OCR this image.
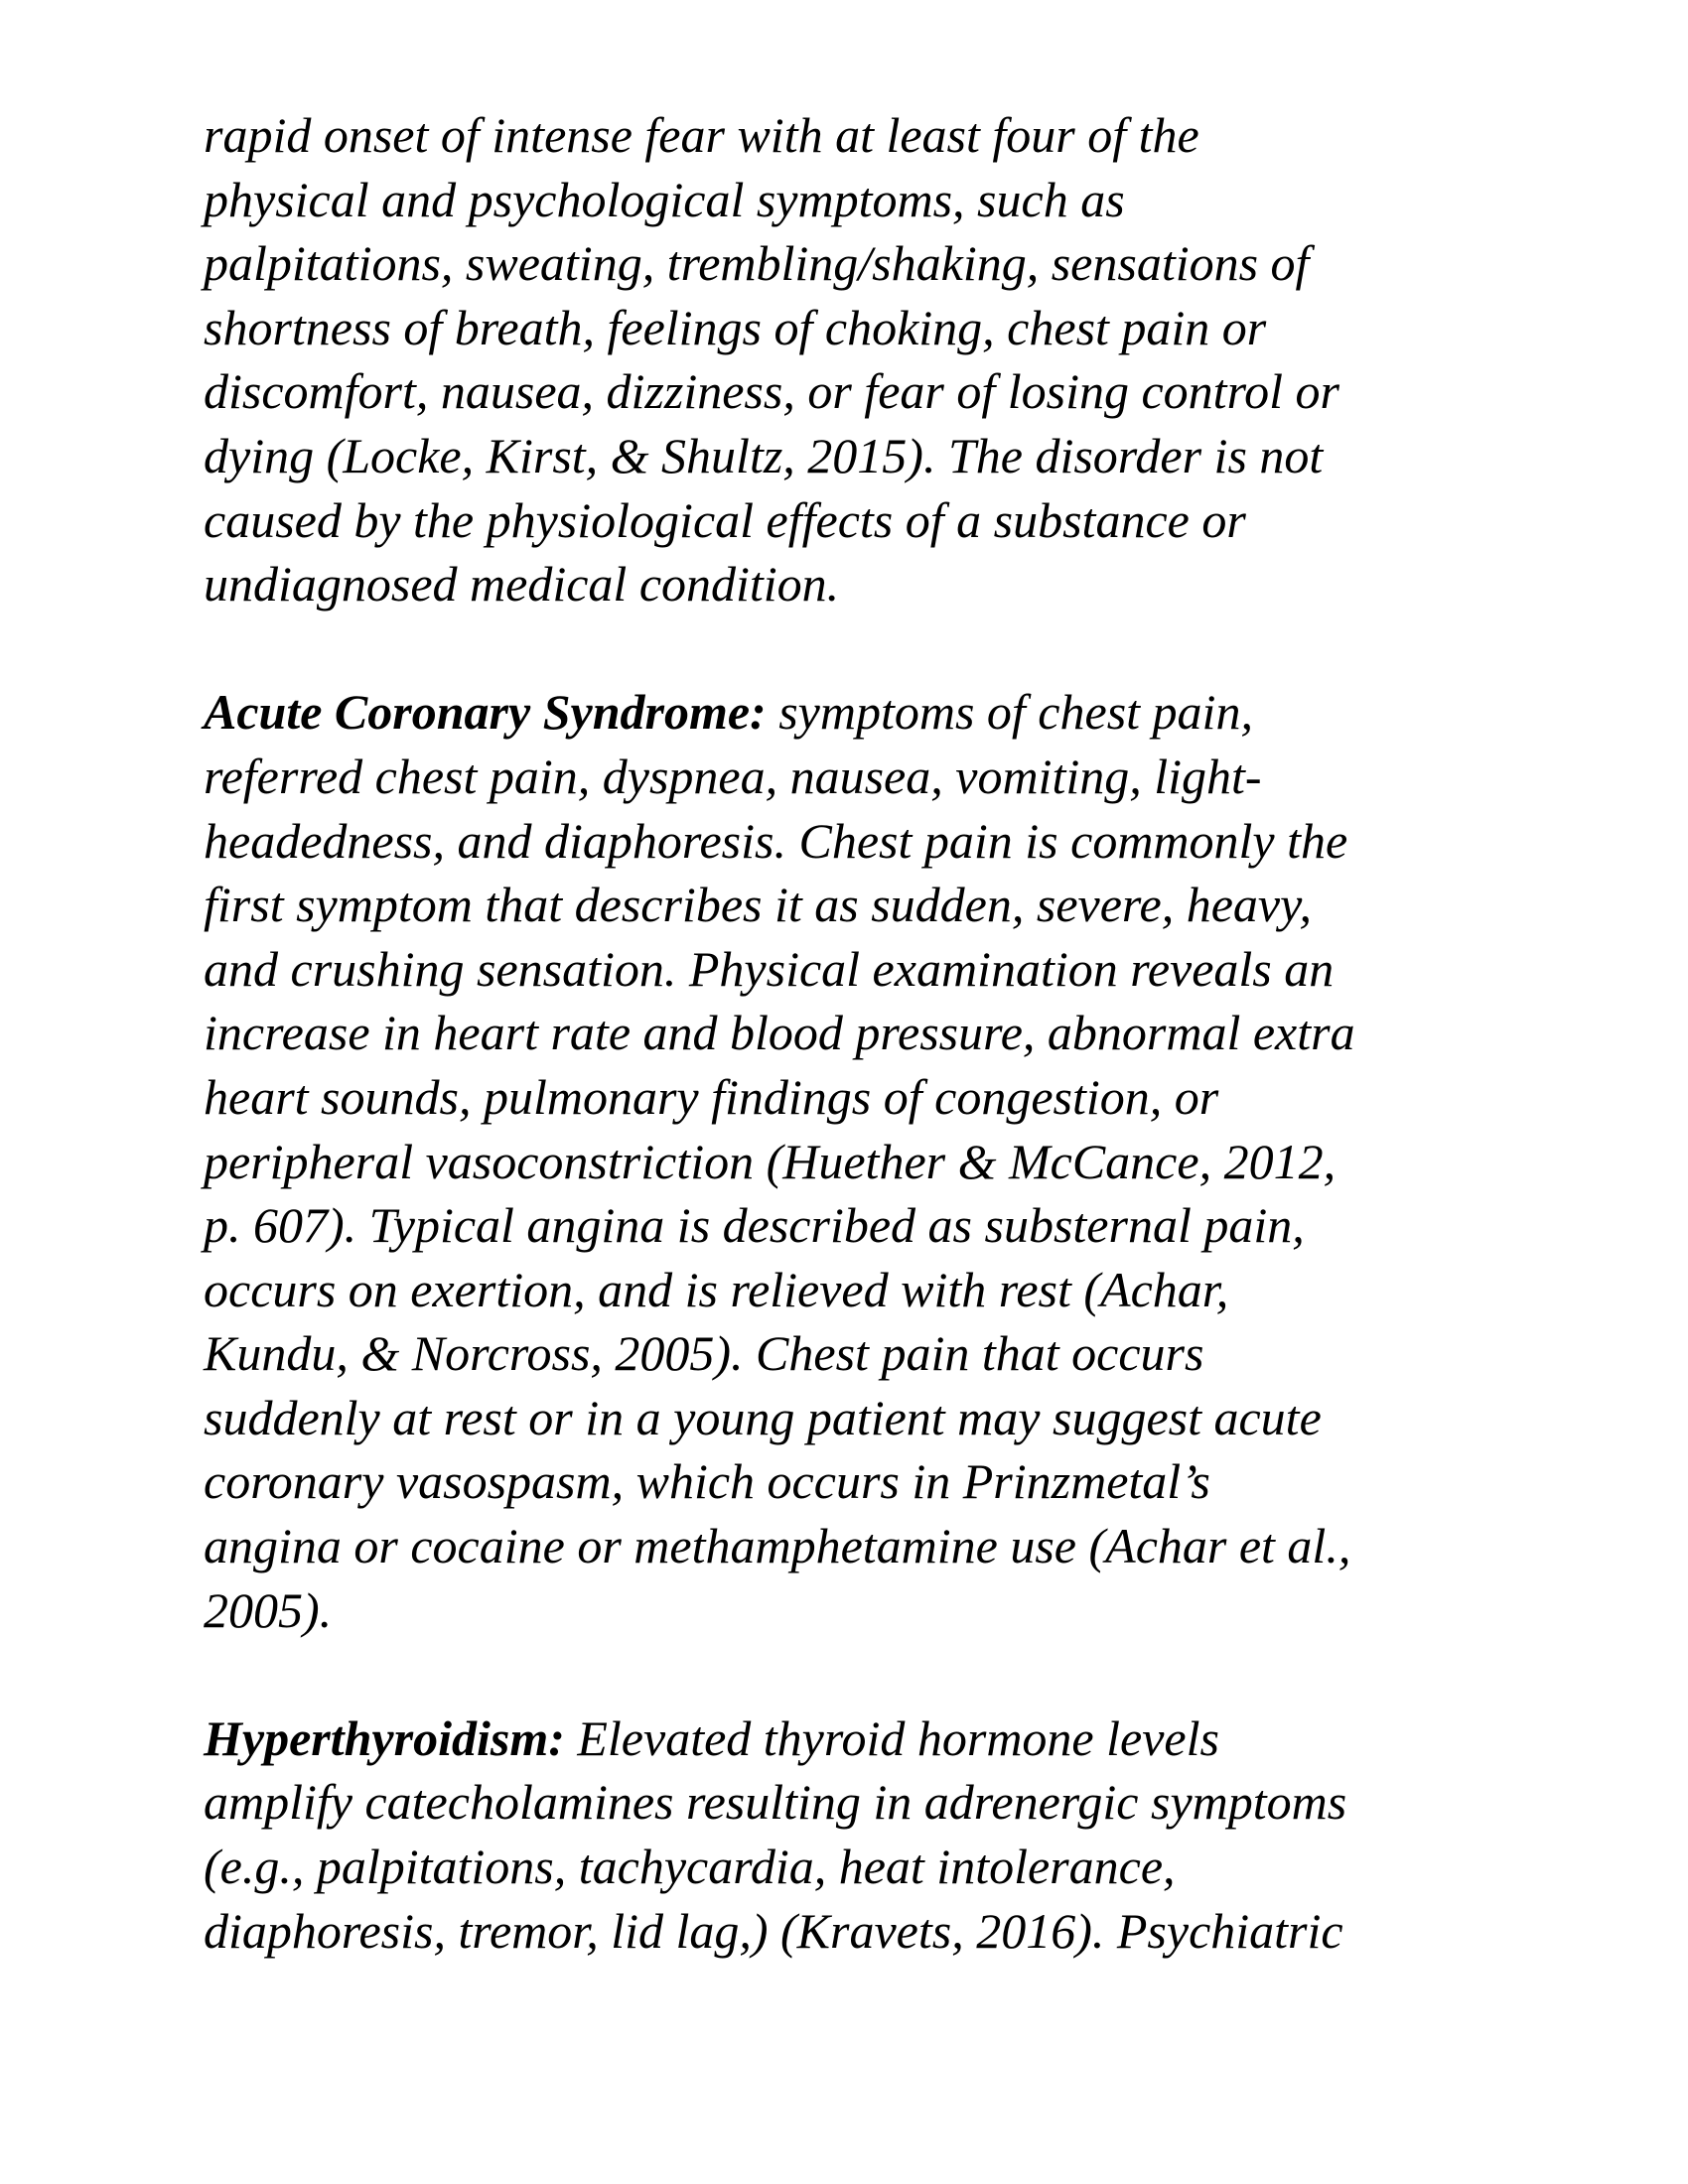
rapid onset of intense fear with at least four of the
physical and psychological symptoms, such as
palpitations, sweating, trembling/shaking, sensations of
shortness of breath, feelings of choking, chest pain or
discomfort, nausea, dizziness, or fear of losing control or
dying (Locke, Kirst, & Shultz, 2015). The disorder is not
caused by the physiological effects of a substance or
undiagnosed medical condition.
Acute Coronary Syndrome: symptoms of chest pain,
referred chest pain, dyspnea, nausea, vomiting, light-
headedness, and diaphoresis. Chest pain is commonly the
first symptom that describes it as sudden, severe, heavy,
and crushing sensation. Physical examination reveals an
increase in heart rate and blood pressure, abnormal extra
heart sounds, pulmonary findings of congestion, or
peripheral vasoconstriction (Huether & McCance, 2012,
p. 607). Typical angina is described as substernal pain,
occurs on exertion, and is relieved with rest (Achar,
Kundu, & Norcross, 2005). Chest pain that occurs
suddenly at rest or in a young patient may suggest acute
coronary vasospasm, which occurs in Prinzmetal’s
angina or cocaine or methamphetamine use (Achar et al.,
2005).
Hyperthyroidism: Elevated thyroid hormone levels
amplify catecholamines resulting in adrenergic symptoms
(e.g., palpitations, tachycardia, heat intolerance,
diaphoresis, tremor, lid lag,) (Kravets, 2016). Psychiatric
